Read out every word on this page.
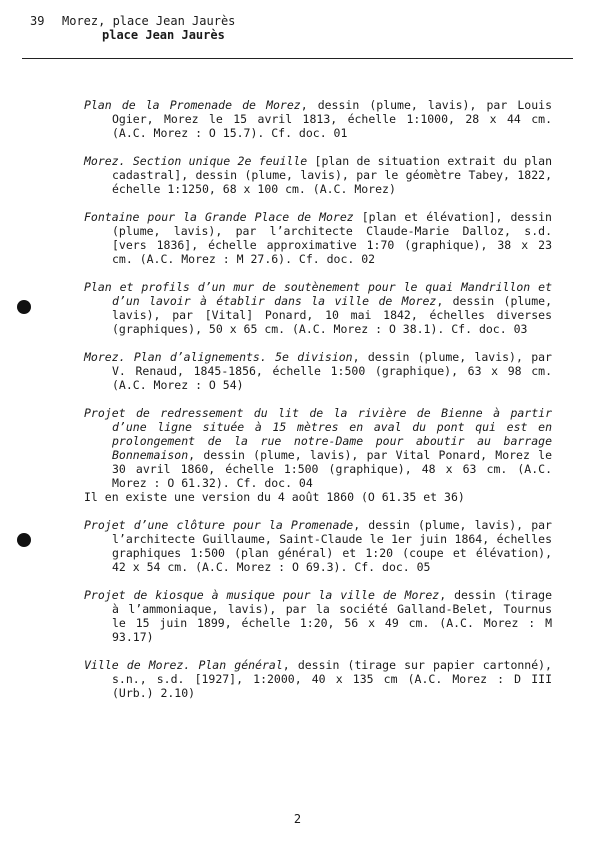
39 Morez, place Jean Jaurès
place Jean Jaurès
Plan de la Promenade de Morez, dessin (plume, lavis), par Louis Ogier, Morez le 15 avril 1813, échelle 1:1000, 28 x 44 cm. (A.C. Morez : O 15.7). Cf. doc. 01
Morez. Section unique 2e feuille [plan de situation extrait du plan cadastral], dessin (plume, lavis), par le géomètre Tabey, 1822, échelle 1:1250, 68 x 100 cm. (A.C. Morez)
Fontaine pour la Grande Place de Morez [plan et élévation], dessin (plume, lavis), par l’architecte Claude-Marie Dalloz, s.d. [vers 1836], échelle approximative 1:70 (graphique), 38 x 23 cm. (A.C. Morez : M 27.6). Cf. doc. 02
Plan et profils d’un mur de soutènement pour le quai Mandrillon et d’un lavoir à établir dans la ville de Morez, dessin (plume, lavis), par [Vital] Ponard, 10 mai 1842, échelles diverses (graphiques), 50 x 65 cm. (A.C. Morez : O 38.1). Cf. doc. 03
Morez. Plan d’alignements. 5e division, dessin (plume, lavis), par V. Renaud, 1845-1856, échelle 1:500 (graphique), 63 x 98 cm. (A.C. Morez : O 54)
Projet de redressement du lit de la rivière de Bienne à partir d’une ligne située à 15 mètres en aval du pont qui est en prolongement de la rue notre-Dame pour aboutir au barrage Bonnemaison, dessin (plume, lavis), par Vital Ponard, Morez le 30 avril 1860, échelle 1:500 (graphique), 48 x 63 cm. (A.C. Morez : O 61.32). Cf. doc. 04
Il en existe une version du 4 août 1860 (O 61.35 et 36)
Projet d’une clôture pour la Promenade, dessin (plume, lavis), par l’architecte Guillaume, Saint-Claude le 1er juin 1864, échelles graphiques 1:500 (plan général) et 1:20 (coupe et élévation), 42 x 54 cm. (A.C. Morez : O 69.3). Cf. doc. 05
Projet de kiosque à musique pour la ville de Morez, dessin (tirage à l’ammoniaque, lavis), par la société Galland-Belet, Tournus le 15 juin 1899, échelle 1:20, 56 x 49 cm. (A.C. Morez : M 93.17)
Ville de Morez. Plan général, dessin (tirage sur papier cartonné), s.n., s.d. [1927], 1:2000, 40 x 135 cm (A.C. Morez : D III (Urb.) 2.10)
2
